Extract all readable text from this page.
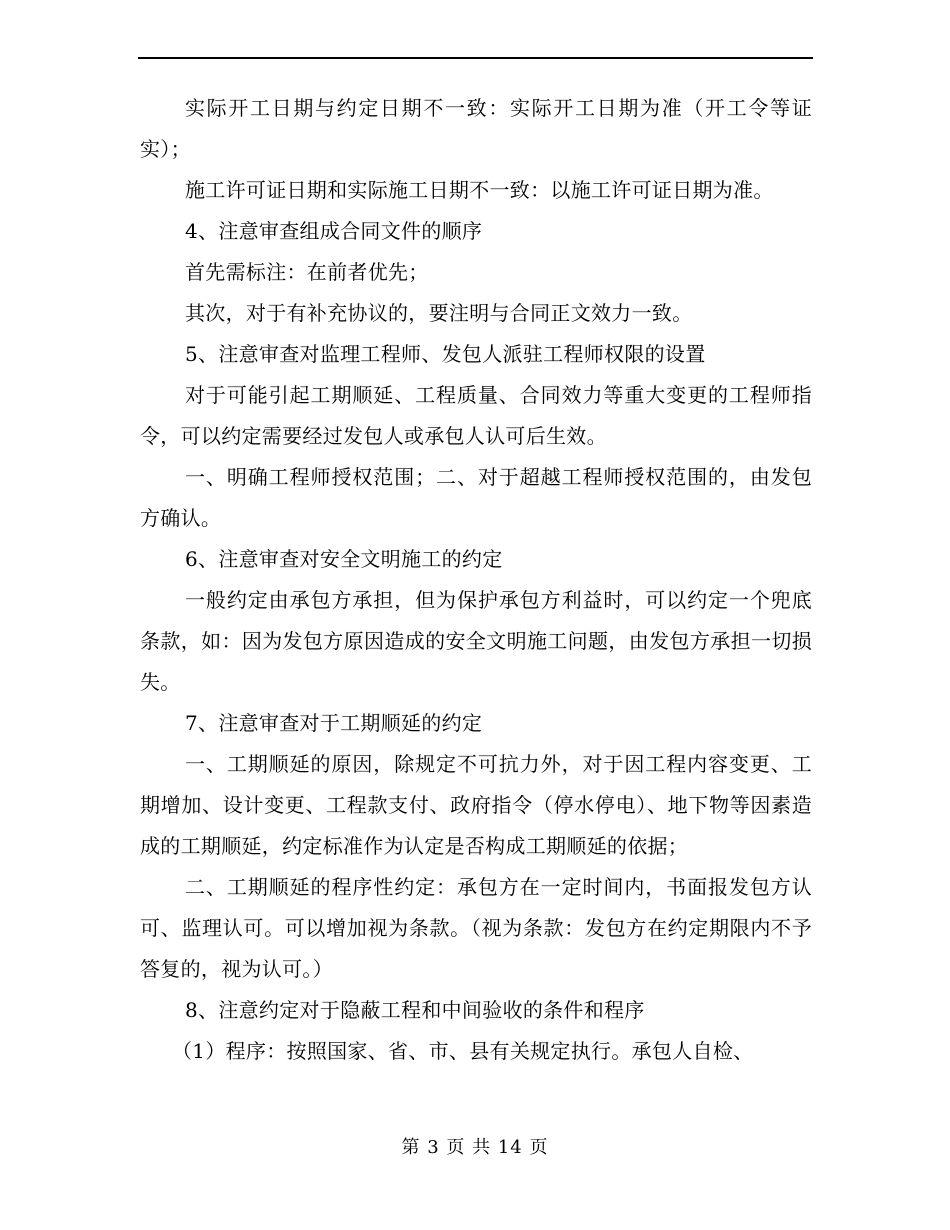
实际开工日期与约定日期不一致：实际开工日期为准（开工令等证实）；

施工许可证日期和实际施工日期不一致：以施工许可证日期为准。

4、注意审查组成合同文件的顺序

首先需标注：在前者优先；

其次，对于有补充协议的，要注明与合同正文效力一致。

5、注意审查对监理工程师、发包人派驻工程师权限的设置

对于可能引起工期顺延、工程质量、合同效力等重大变更的工程师指令，可以约定需要经过发包人或承包人认可后生效。

一、明确工程师授权范围；二、对于超越工程师授权范围的，由发包方确认。

6、注意审查对安全文明施工的约定

一般约定由承包方承担，但为保护承包方利益时，可以约定一个兜底条款，如：因为发包方原因造成的安全文明施工问题，由发包方承担一切损失。

7、注意审查对于工期顺延的约定

一、工期顺延的原因，除规定不可抗力外，对于因工程内容变更、工期增加、设计变更、工程款支付、政府指令（停水停电）、地下物等因素造成的工期顺延，约定标准作为认定是否构成工期顺延的依据；

二、工期顺延的程序性约定：承包方在一定时间内，书面报发包方认可、监理认可。可以增加视为条款。（视为条款：发包方在约定期限内不予答复的，视为认可。）

8、注意约定对于隐蔽工程和中间验收的条件和程序

（1）程序：按照国家、省、市、县有关规定执行。承包人自检、

第 3 页 共 14 页
